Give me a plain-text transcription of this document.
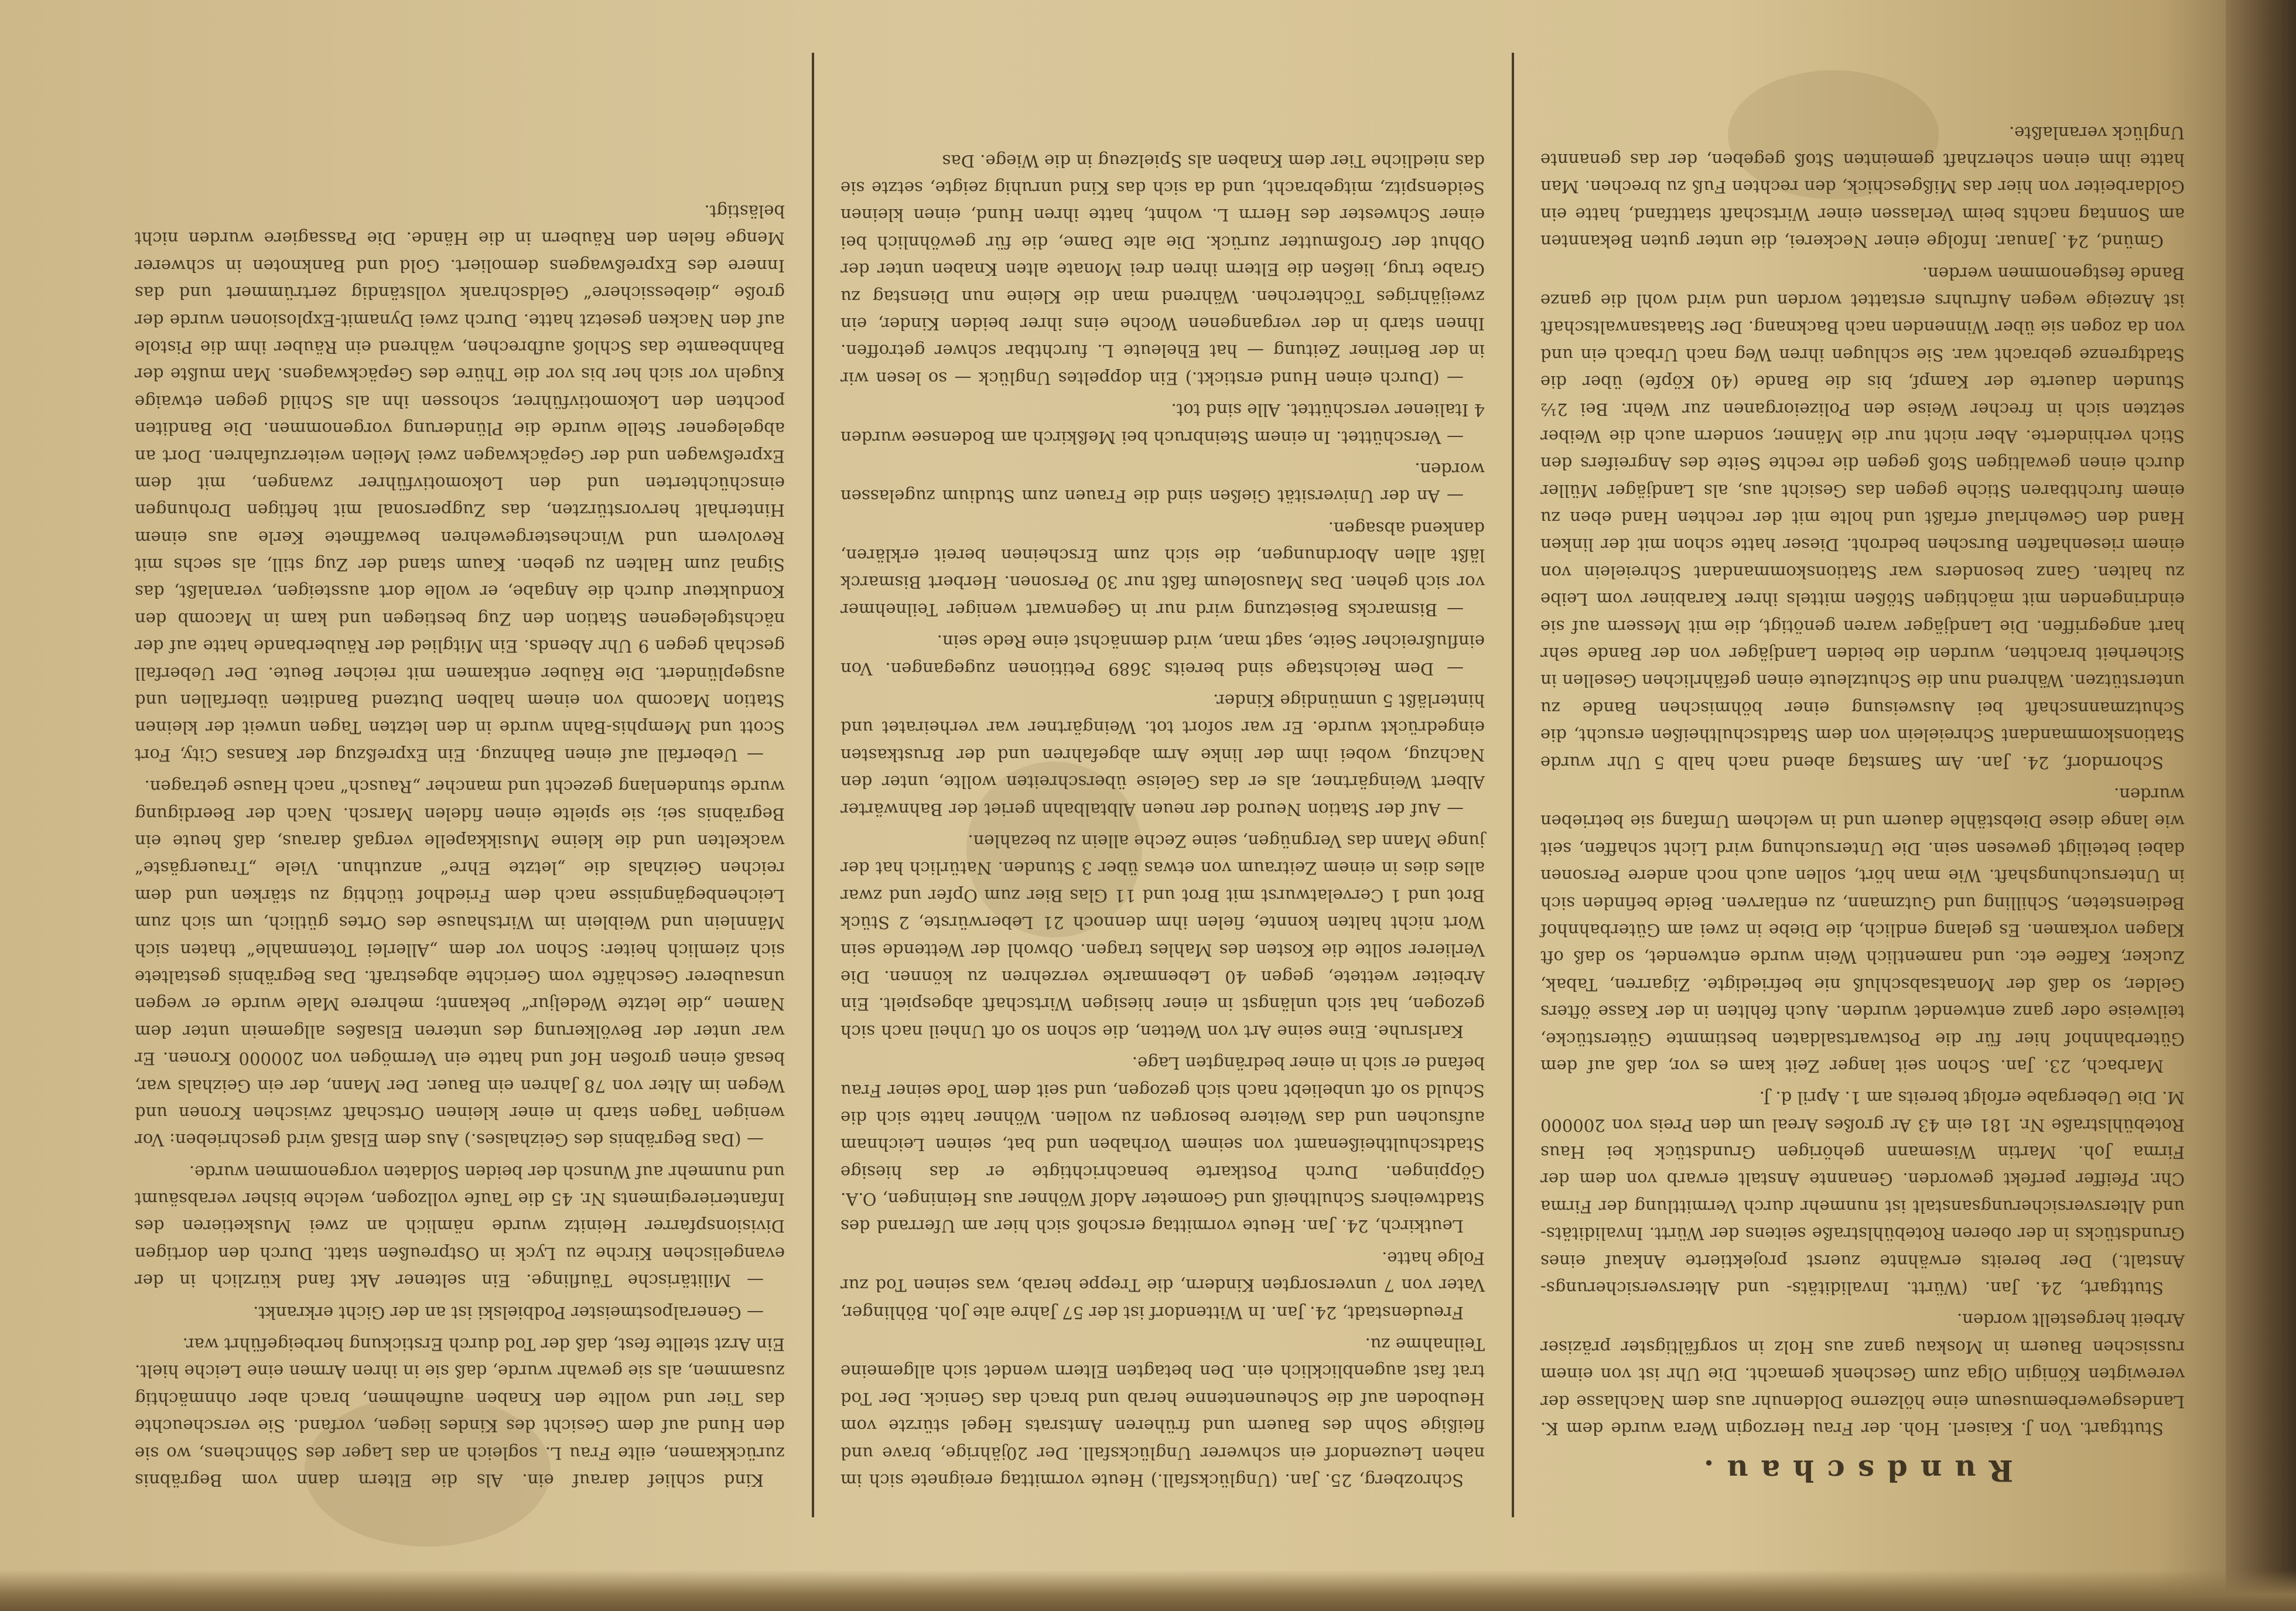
Rundschau.

Stuttgart. Von J. Kaiserl. Hoh. der Frau Herzogin Wera wurde dem K. Landesgewerbemuseum eine hölzerne Doldenuhr aus dem Nachlasse der verewigten Königin Olga zum Geschenk gemacht. Die Uhr ist von einem russischen Bauern in Moskau ganz aus Holz in sorgfältigster präziser Arbeit hergestellt worden.

Stuttgart, 24. Jan. (Württ. Invaliditäts- und Altersversicherungs-Anstalt.) Der bereits erwähnte zuerst projektierte Ankauf eines Grundstücks in der oberen Rotebühlstraße seitens der Württ. Invaliditäts- und Altersversicherungsanstalt ist nunmehr durch Vermittlung der Firma Chr. Pfeiffer perfekt geworden. Genannte Anstalt erwarb von dem der Firma Joh. Martin Wisemann gehörigen Grundstück bei Haus Rotebühlstraße Nr. 181 ein 43 Ar großes Areal um den Preis von 200000 M. Die Uebergabe erfolgt bereits am 1. April d. J.

Marbach, 23. Jan. Schon seit langer Zeit kam es vor, daß auf dem Güterbahnhof hier für die Postwartsaldaten bestimmte Güterstücke, teilweise oder ganz entwendet wurden. Auch fehlten in der Kasse öfters Gelder, so daß der Monatsabschluß nie befriedigte. Zigarren, Tabak, Zucker, Kaffee etc. und namentlich Wein wurde entwendet, so daß oft Klagen vorkamen. Es gelang endlich, die Diebe in zwei am Güterbahnhof Bediensteten, Schilling und Gutzmann, zu entlarven. Beide befinden sich in Untersuchungshaft. Wie man hört, sollen auch noch andere Personen dabei beteiligt gewesen sein. Die Untersuchung wird Licht schaffen, seit wie lange diese Diebstähle dauern und in welchem Umfang sie betrieben wurden.

Schorndorf, 24. Jan. Am Samstag abend nach halb 5 Uhr wurde Stationskommandant Schreielein von dem Stadtschultheißen ersucht, die Schutzmannschaft bei Ausweisung einer böhmischen Bande zu unterstützen. Während nun die Schutzleute einen gefährlichen Gesellen in Sicherheit brachten, wurden die beiden Landjäger von der Bande sehr hart angegriffen. Die Landjäger waren genötigt, die mit Messern auf sie eindringenden mit mächtigen Stößen mittels ihrer Karabiner vom Leibe zu halten. Ganz besonders war Stationskommandant Schreielein von einem riesenhaften Burschen bedroht. Dieser hatte schon mit der linken Hand den Gewehrlauf erfaßt und holte mit der rechten Hand eben zu einem furchtbaren Stiche gegen das Gesicht aus, als Landjäger Müller durch einen gewaltigen Stoß gegen die rechte Seite des Angreifers den Stich verhinderte. Aber nicht nur die Männer, sondern auch die Weiber setzten sich in frecher Weise den Polizeiorganen zur Wehr. Bei 2½ Stunden dauerte der Kampf, bis die Bande (40 Köpfe) über die Stadtgrenze gebracht war. Sie schlugen ihren Weg nach Urbach ein und von da zogen sie über Winnenden nach Backnang. Der Staatsanwaltschaft ist Anzeige wegen Aufruhrs erstattet worden und wird wohl die ganze Bande festgenommen werden.

Gmünd, 24. Januar. Infolge einer Neckerei, die unter guten Bekannten am Sonntag nachts beim Verlassen einer Wirtschaft stattfand, hatte ein Goldarbeiter von hier das Mißgeschick, den rechten Fuß zu brechen. Man hatte ihm einen scherzhaft gemeinten Stoß gegeben, der das genannte Unglück veranlaßte.

Schrozberg, 25. Jan. (Unglücksfall.) Heute vormittag ereignete sich im nahen Leuzendorf ein schwerer Unglücksfall. Der 20jährige, brave und fleißige Sohn des Bauern und früheren Amtsrats Hegel stürzte vom Heuboden auf die Scheunentenne herab und brach das Genick. Der Tod trat fast augenblicklich ein. Den betagten Eltern wendet sich allgemeine Teilnahme zu.

Freudenstadt, 24. Jan. In Wittendorf ist der 57 Jahre alte Joh. Böhlinger, Vater von 7 unversorgten Kindern, die Treppe herab, was seinen Tod zur Folge hatte.

Leutkirch, 24. Jan. Heute vormittag erschoß sich hier am Uferrand des Stadtweihers Schultheiß und Geometer Adolf Wöhner aus Heiningen, O.A. Göppingen. Durch Postkarte benachrichtigte er das hiesige Stadtschultheißenamt von seinem Vorhaben und bat, seinen Leichnam aufsuchen und das Weitere besorgen zu wollen. Wöhner hatte sich die Schuld so oft unbeliebt nach sich gezogen, und seit dem Tode seiner Frau befand er sich in einer bedrängten Lage.

Karlsruhe. Eine seine Art von Wetten, die schon so oft Unheil nach sich gezogen, hat sich unlängst in einer hiesigen Wirtschaft abgespielt. Ein Arbeiter wettete, gegen 40 Lebenmarke verzehren zu können. Die Verlierer sollte die Kosten des Mahles tragen. Obwohl der Wettende sein Wort nicht halten konnte, fielen ihm dennoch 21 Leberwürste, 2 Stück Brot und 1 Cervelatwurst mit Brot und 11 Glas Bier zum Opfer und zwar alles dies in einem Zeitraum von etwas über 3 Stunden. Natürlich hat der junge Mann das Vergnügen, seine Zeche allein zu bezahlen.

— Auf der Station Neurod der neuen Albtalbahn geriet der Bahnwärter Albert Weingärtner, als er das Geleise überschreiten wollte, unter den Nachzug, wobei ihm der linke Arm abgefahren und der Brustkasten eingedrückt wurde. Er war sofort tot. Weingärtner war verheiratet und hinterläßt 5 unmündige Kinder.

— Dem Reichstage sind bereits 3689 Petitionen zugegangen. Von einflußreicher Seite, sagt man, wird demnächst eine Rede sein.

— Bismarcks Beisetzung wird nur in Gegenwart weniger Teilnehmer vor sich gehen. Das Mausoleum faßt nur 30 Personen. Herbert Bismarck läßt allen Abordnungen, die sich zum Erscheinen bereit erklären, dankend absagen.

— An der Universität Gießen sind die Frauen zum Studium zugelassen worden.

— Verschüttet. In einem Steinbruch bei Meßkirch am Bodensee wurden 4 Italiener verschüttet. Alle sind tot.

— (Durch einen Hund erstickt.) Ein doppeltes Unglück — so lesen wir in der Berliner Zeitung — hat Eheleute L. furchtbar schwer getroffen. Ihnen starb in der vergangenen Woche eins ihrer beiden Kinder, ein zweijähriges Töchterchen. Während man die Kleine nun Dienstag zu Grabe trug, ließen die Eltern ihren drei Monate alten Knaben unter der Obhut der Großmutter zurück. Die alte Dame, die für gewöhnlich bei einer Schwester des Herrn L. wohnt, hatte ihren Hund, einen kleinen Seidenspitz, mitgebracht, und da sich das Kind unruhig zeigte, setzte sie das niedliche Tier dem Knaben als Spielzeug in die Wiege. Das

Kind schlief darauf ein. Als die Eltern dann vom Begräbnis zurückkamen, eilte Frau L. sogleich an das Lager des Söhnchens, wo sie den Hund auf dem Gesicht des Kindes liegen, vorfand. Sie verscheuchte das Tier und wollte den Knaben aufnehmen, brach aber ohnmächtig zusammen, als sie gewahr wurde, daß sie in ihren Armen eine Leiche hielt. Ein Arzt stellte fest, daß der Tod durch Erstickung herbeigeführt war.

— Generalpostmeister Podbielski ist an der Gicht erkrankt.

— Militärische Täuflinge. Ein seltener Akt fand kürzlich in der evangelischen Kirche zu Lyck in Ostpreußen statt. Durch den dortigen Divisionspfarrer Heinitz wurde nämlich an zwei Musketieren des Infanterieregiments Nr. 45 die Taufe vollzogen, welche bisher verabsäumt und nunmehr auf Wunsch der beiden Soldaten vorgenommen wurde.

— (Das Begräbnis des Geizhalses.) Aus dem Elsaß wird geschrieben: Vor wenigen Tagen starb in einer kleinen Ortschaft zwischen Kronen und Wegen im Alter von 78 Jahren ein Bauer. Der Mann, der ein Geizhals war, besaß einen großen Hof und hatte ein Vermögen von 200000 Kronen. Er war unter der Bevölkerung des unteren Elsaßes allgemein unter dem Namen „die letzte Wedeljur“ bekannt; mehrere Male wurde er wegen unsauberer Geschäfte vom Gerichte abgestraft. Das Begräbnis gestaltete sich ziemlich heiter: Schon vor dem „Allerlei Totenmahle“ thaten sich Männlein und Weiblein im Wirtshause des Ortes gütlich, um sich zum Leichenbegängnisse nach dem Friedhof tüchtig zu stärken und dem reichen Geizhals die „letzte Ehre“ anzuthun. Viele „Trauergäste“ wackelten und die kleine Musikkapelle vergaß daraus, daß heute ein Begräbnis sei; sie spielte einen fidelen Marsch. Nach der Beerdigung wurde stundenlang gezecht und mancher „Rausch“ nach Hause getragen.

— Ueberfall auf einen Bahnzug. Ein Expreßzug der Kansas City, Fort Scott und Memphis-Bahn wurde in den letzten Tagen unweit der kleinen Station Macomb von einem halben Dutzend Banditen überfallen und ausgeplündert. Die Räuber entkamen mit reicher Beute. Der Ueberfall geschah gegen 9 Uhr Abends. Ein Mitglied der Räuberbande hatte auf der nächstgelegenen Station den Zug bestiegen und kam in Macomb den Kondukteur durch die Angabe, er wolle dort aussteigen, veranlaßt, das Signal zum Halten zu geben. Kaum stand der Zug still, als sechs mit Revolvern und Winchestergewehren bewaffnete Kerle aus einem Hinterhalt hervorstürzten, das Zugpersonal mit heftigen Drohungen einschüchterten und den Lokomotivführer zwangen, mit dem Expreßwagen und der Gepäckwagen zwei Meilen weiterzufahren. Dort an abgelegener Stelle wurde die Plünderung vorgenommen. Die Banditen pochten den Lokomotivführer, schossen ihn als Schild gegen etwaige Kugeln vor sich her bis vor die Thüre des Gepäckwagens. Man mußte der Bahnbeamte das Schloß aufbrechen, während ein Räuber ihm die Pistole auf den Nacken gesetzt hatte. Durch zwei Dynamit-Explosionen wurde der große „diebessichere“ Geldschrank vollständig zertrümmert und das Innere des Expreßwagens demoliert. Gold und Banknoten in schwerer Menge fielen den Räubern in die Hände. Die Passagiere wurden nicht belästigt.
